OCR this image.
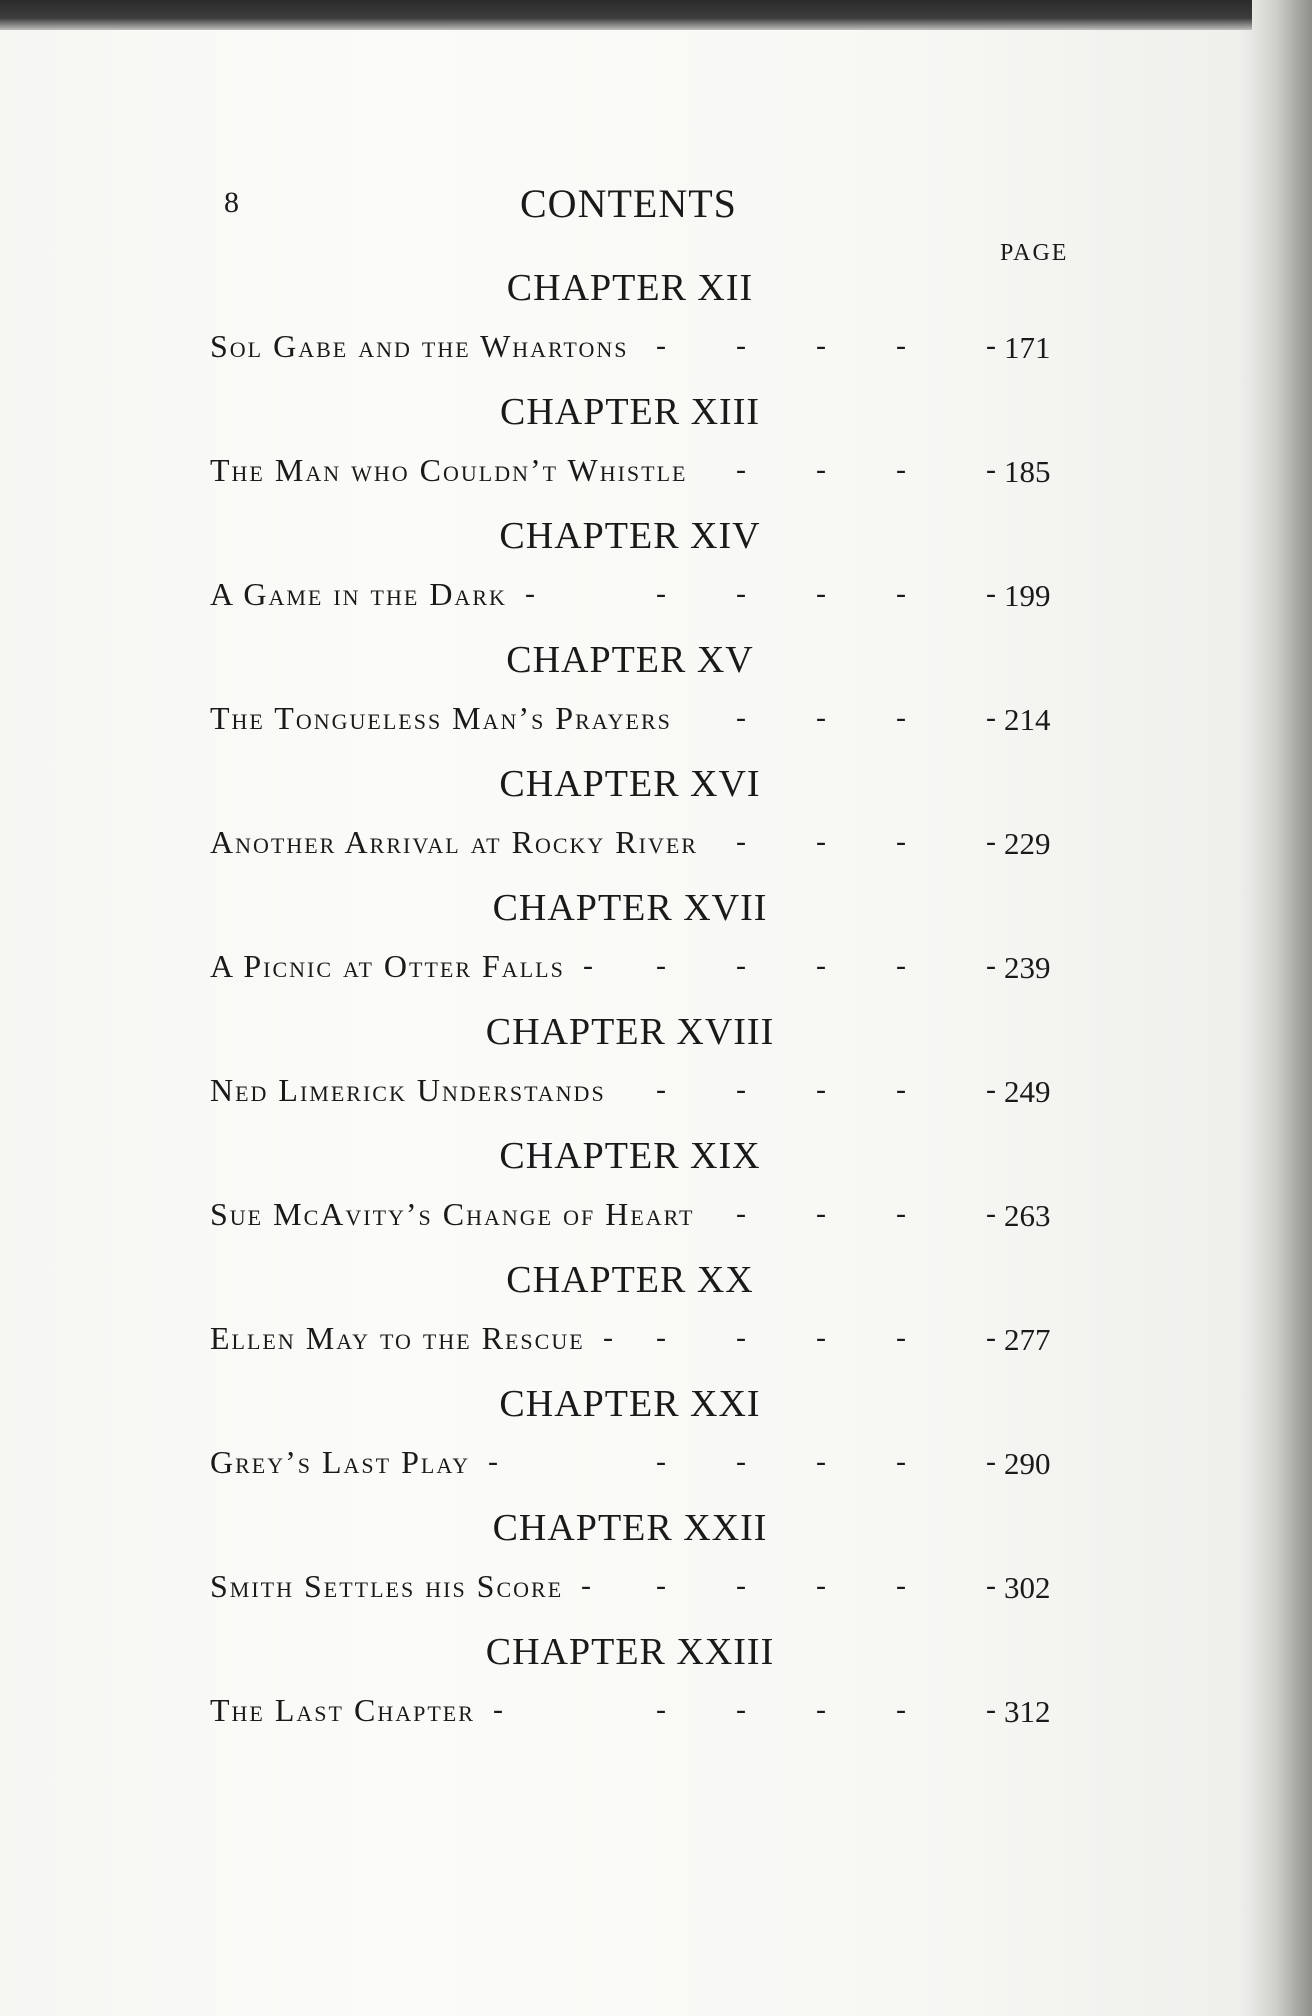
8	CONTENTS
PAGE
CHAPTER XII
Sol Gabe and the Whartons	171
-
-
-
-
-
CHAPTER XIII
The Man who Couldn’t Whistle	185
-
-
-
-
CHAPTER XIV
A Game in the Dark	199
-
-
-
-
-
-
CHAPTER XV
The Tongueless Man’s Prayers	214
-
-
-
-
CHAPTER XVI
Another Arrival at Rocky River	229
-
-
-
-
CHAPTER XVII
A Picnic at Otter Falls	239
-
-
-
-
-
-
CHAPTER XVIII
Ned Limerick Understands	249
-
-
-
-
-
CHAPTER XIX
Sue McAvity’s Change of Heart	263
-
-
-
-
CHAPTER XX
Ellen May to the Rescue	277
-
-
-
-
-
-
CHAPTER XXI
Grey’s Last Play	290
-
-
-
-
-
-
CHAPTER XXII
Smith Settles his Score	302
-
-
-
-
-
-
CHAPTER XXIII
The Last Chapter	312
-
-
-
-
-
-
